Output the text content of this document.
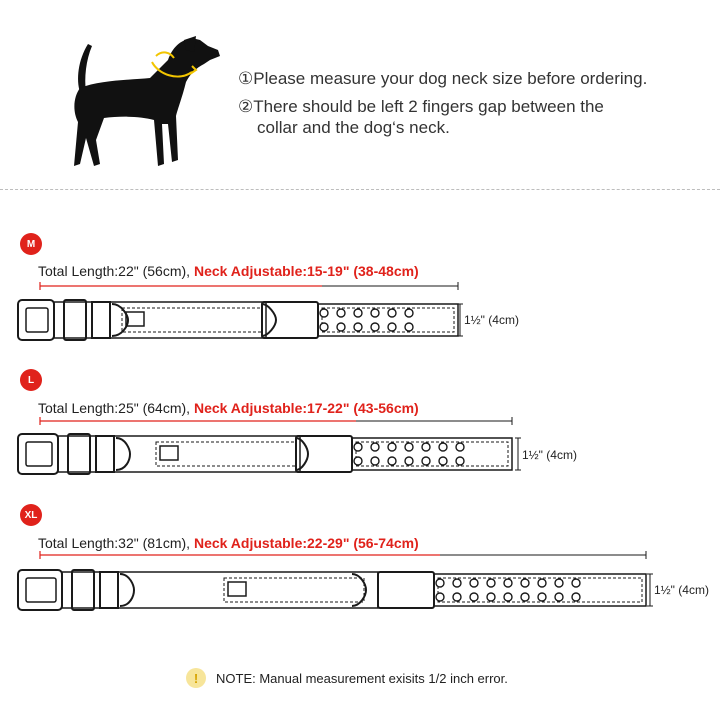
①Please measure your dog neck size before ordering.
②There should be left 2 fingers gap between the
collar and the dog‘s neck.
M
Total Length:22" (56cm), Neck Adjustable:15-19" (38-48cm)
1½" (4cm)
L
Total Length:25" (64cm), Neck Adjustable:17-22" (43-56cm)
1½" (4cm)
XL
Total Length:32" (81cm), Neck Adjustable:22-29" (56-74cm)
1½" (4cm)
!	NOTE: Manual measurement exisits 1/2 inch error.
